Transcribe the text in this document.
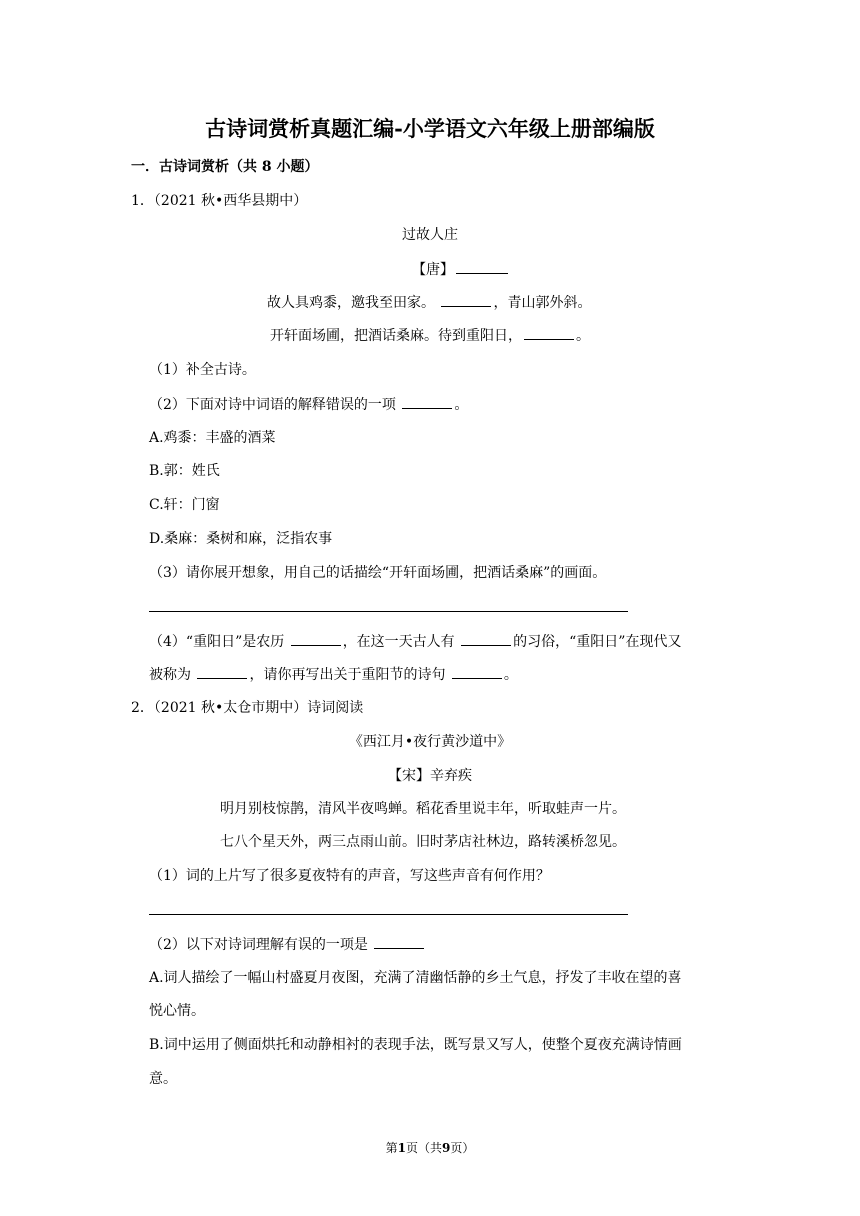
古诗词赏析真题汇编-小学语文六年级上册部编版
一．古诗词赏析（共 8 小题）
1．（2021 秋•西华县期中）
过故人庄
【唐】
故人具鸡黍，邀我至田家。	，青山郭外斜。
开轩面场圃，把酒话桑麻。待到重阳日，	。
（1）补全古诗。
（2）下面对诗中词语的解释错误的一项	。
A.鸡黍：丰盛的酒菜
B.郭：姓氏
C.轩：门窗
D.桑麻：桑树和麻，泛指农事
（3）请你展开想象，用自己的话描绘“开轩面场圃，把酒话桑麻”的画面。
（4）“重阳日”是农历	，在这一天古人有	的习俗，“重阳日”在现代又
被称为	，请你再写出关于重阳节的诗句	。
2．（2021 秋•太仓市期中）诗词阅读
《西江月•夜行黄沙道中》
【宋】辛弃疾
明月别枝惊鹊，清风半夜鸣蝉。稻花香里说丰年，听取蛙声一片。
七八个星天外，两三点雨山前。旧时茅店社林边，路转溪桥忽见。
（1）词的上片写了很多夏夜特有的声音，写这些声音有何作用？
（2）以下对诗词理解有误的一项是
A.词人描绘了一幅山村盛夏月夜图，充满了清幽恬静的乡土气息，抒发了丰收在望的喜
悦心情。
B.词中运用了侧面烘托和动静相衬的表现手法，既写景又写人，使整个夏夜充满诗情画
意。
第1页（共9页）
